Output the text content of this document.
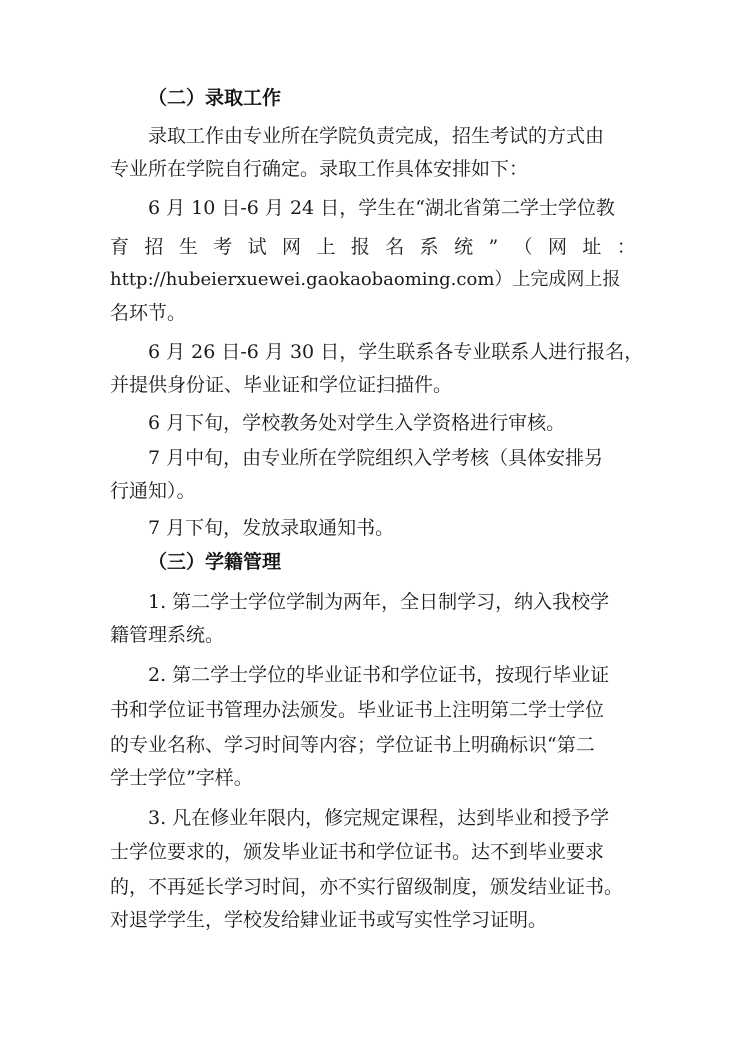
（二）录取工作
录取工作由专业所在学院负责完成，招生考试的方式由
专业所在学院自行确定。录取工作具体安排如下：
6 月 10 日-6 月 24 日，学生在“湖北省第二学士学位教
育 招 生 考 试 网 上 报 名 系 统 ” （ 网 址 ：
http://hubeierxuewei.gaokaobaoming.com）上完成网上报
名环节。
6 月 26 日-6 月 30 日，学生联系各专业联系人进行报名，
并提供身份证、毕业证和学位证扫描件。
6 月下旬，学校教务处对学生入学资格进行审核。
7 月中旬，由专业所在学院组织入学考核（具体安排另
行通知）。
7 月下旬，发放录取通知书。
（三）学籍管理
1. 第二学士学位学制为两年，全日制学习，纳入我校学
籍管理系统。
2. 第二学士学位的毕业证书和学位证书，按现行毕业证
书和学位证书管理办法颁发。毕业证书上注明第二学士学位
的专业名称、学习时间等内容；学位证书上明确标识“第二
学士学位”字样。
3. 凡在修业年限内，修完规定课程，达到毕业和授予学
士学位要求的，颁发毕业证书和学位证书。达不到毕业要求
的，不再延长学习时间，亦不实行留级制度，颁发结业证书。
对退学学生，学校发给肄业证书或写实性学习证明。
